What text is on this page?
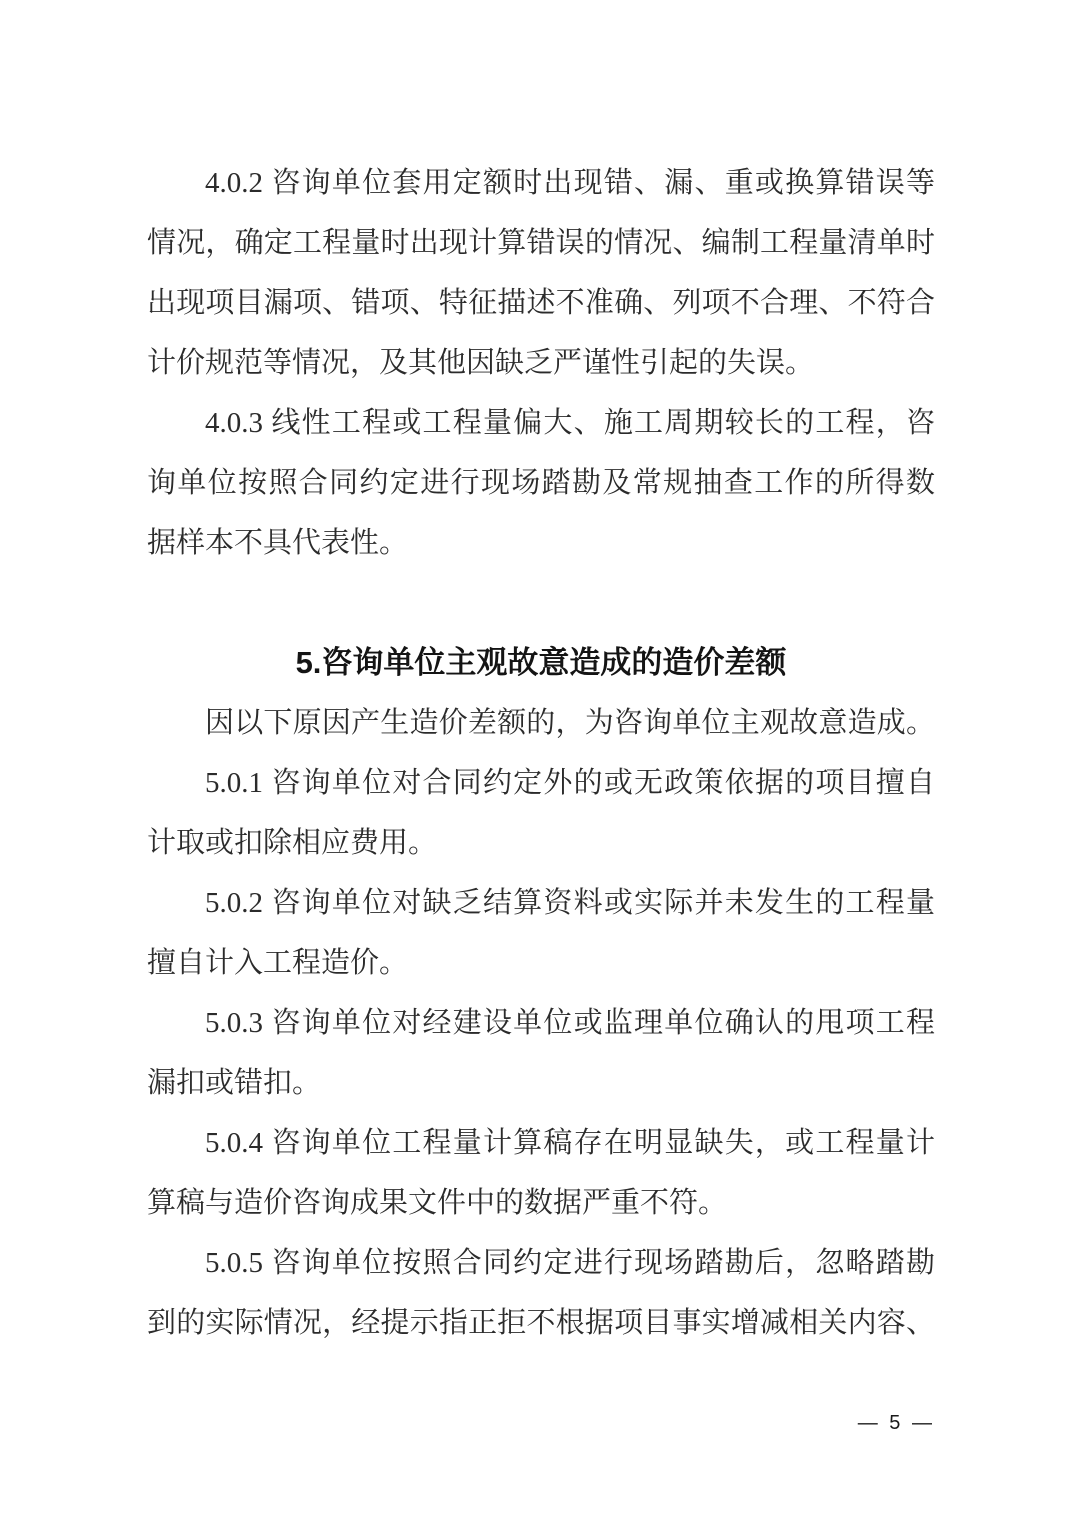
4.0.2 咨询单位套用定额时出现错、漏、重或换算错误等
情况，确定工程量时出现计算错误的情况、编制工程量清单时
出现项目漏项、错项、特征描述不准确、列项不合理、不符合
计价规范等情况，及其他因缺乏严谨性引起的失误。
4.0.3 线性工程或工程量偏大、施工周期较长的工程，咨
询单位按照合同约定进行现场踏勘及常规抽查工作的所得数
据样本不具代表性。
5.咨询单位主观故意造成的造价差额
因以下原因产生造价差额的，为咨询单位主观故意造成。
5.0.1 咨询单位对合同约定外的或无政策依据的项目擅自
计取或扣除相应费用。
5.0.2 咨询单位对缺乏结算资料或实际并未发生的工程量
擅自计入工程造价。
5.0.3 咨询单位对经建设单位或监理单位确认的甩项工程
漏扣或错扣。
5.0.4 咨询单位工程量计算稿存在明显缺失，或工程量计
算稿与造价咨询成果文件中的数据严重不符。
5.0.5 咨询单位按照合同约定进行现场踏勘后，忽略踏勘
到的实际情况，经提示指正拒不根据项目事实增减相关内容、
— 5 —
